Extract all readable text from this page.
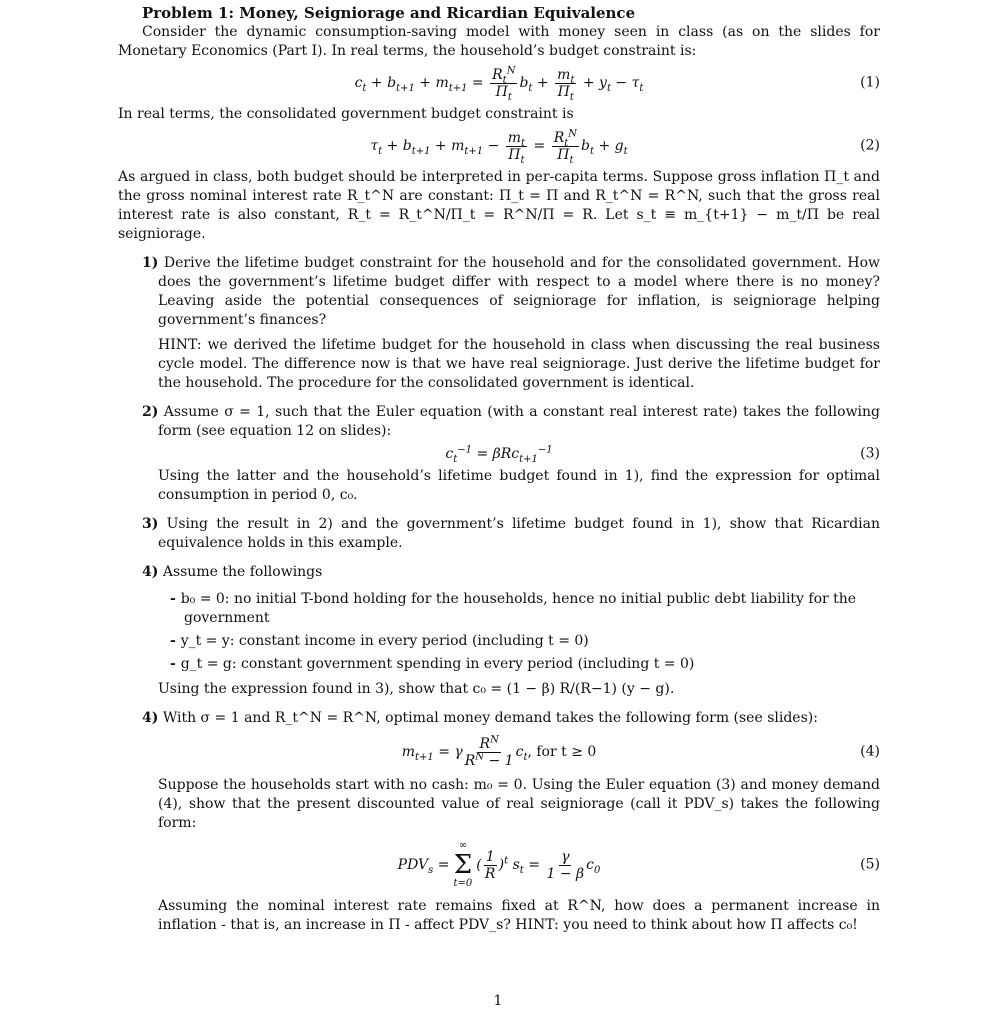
Problem 1: Money, Seigniorage and Ricardian Equivalence

Consider the dynamic consumption-saving model with money seen in class (as on the slides for Monetary Economics (Part I). In real terms, the household’s budget constraint is:

$c_t + b_{t+1} + m_{t+1} = \frac{R_t^N}{\Pi_t} b_t + \frac{m_t}{\Pi_t} + y_t - \tau_t$	(1)

In real terms, the consolidated government budget constraint is

$\tau_t + b_{t+1} + m_{t+1} - \frac{m_t}{\Pi_t} = \frac{R_t^N}{\Pi_t} b_t + g_t$	(2)

As argued in class, both budget should be interpreted in per-capita terms. Suppose gross inflation Π_t and the gross nominal interest rate R_t^N are constant: Π_t = Π and R_t^N = R^N, such that the gross real interest rate is also constant, R_t = R_t^N/Π_t = R^N/Π = R. Let s_t ≡ m_{t+1} − m_t/Π be real seigniorage.

1) Derive the lifetime budget constraint for the household and for the consolidated government. How does the government’s lifetime budget differ with respect to a model where there is no money? Leaving aside the potential consequences of seigniorage for inflation, is seigniorage helping government’s finances?

HINT: we derived the lifetime budget for the household in class when discussing the real business cycle model. The difference now is that we have real seigniorage. Just derive the lifetime budget for the household. The procedure for the consolidated government is identical.

2) Assume σ = 1, such that the Euler equation (with a constant real interest rate) takes the following form (see equation 12 on slides):

$c_t^{-1} = \beta Rc_{t+1}^{-1}$	(3)

Using the latter and the household’s lifetime budget found in 1), find the expression for optimal consumption in period 0, c₀.

3) Using the result in 2) and the government’s lifetime budget found in 1), show that Ricardian equivalence holds in this example.

4) Assume the followings

- b₀ = 0: no initial T-bond holding for the households, hence no initial public debt liability for the government
- y_t = y: constant income in every period (including t = 0)
- g_t = g: constant government spending in every period (including t = 0)

Using the expression found in 3), show that c₀ = (1 − β) R/(R−1) (y − g).

4) With σ = 1 and R_t^N = R^N, optimal money demand takes the following form (see slides):

$m_{t+1} = \gamma \frac{R^N}{R^N - 1} c_t$ , for t ≥ 0	(4)

Suppose the households start with no cash: m₀ = 0. Using the Euler equation (3) and money demand (4), show that the present discounted value of real seigniorage (call it PDV_s) takes the following form:

$PDV_s$ =
∞
Σ
t=0
( $\frac{1}{R} )^t$ $s_t = \frac{\gamma}{1 - \beta} c_0$	(5)

Assuming the nominal interest rate remains fixed at R^N, how does a permanent increase in inflation - that is, an increase in Π - affect PDV_s? HINT: you need to think about how Π affects c₀!

1
